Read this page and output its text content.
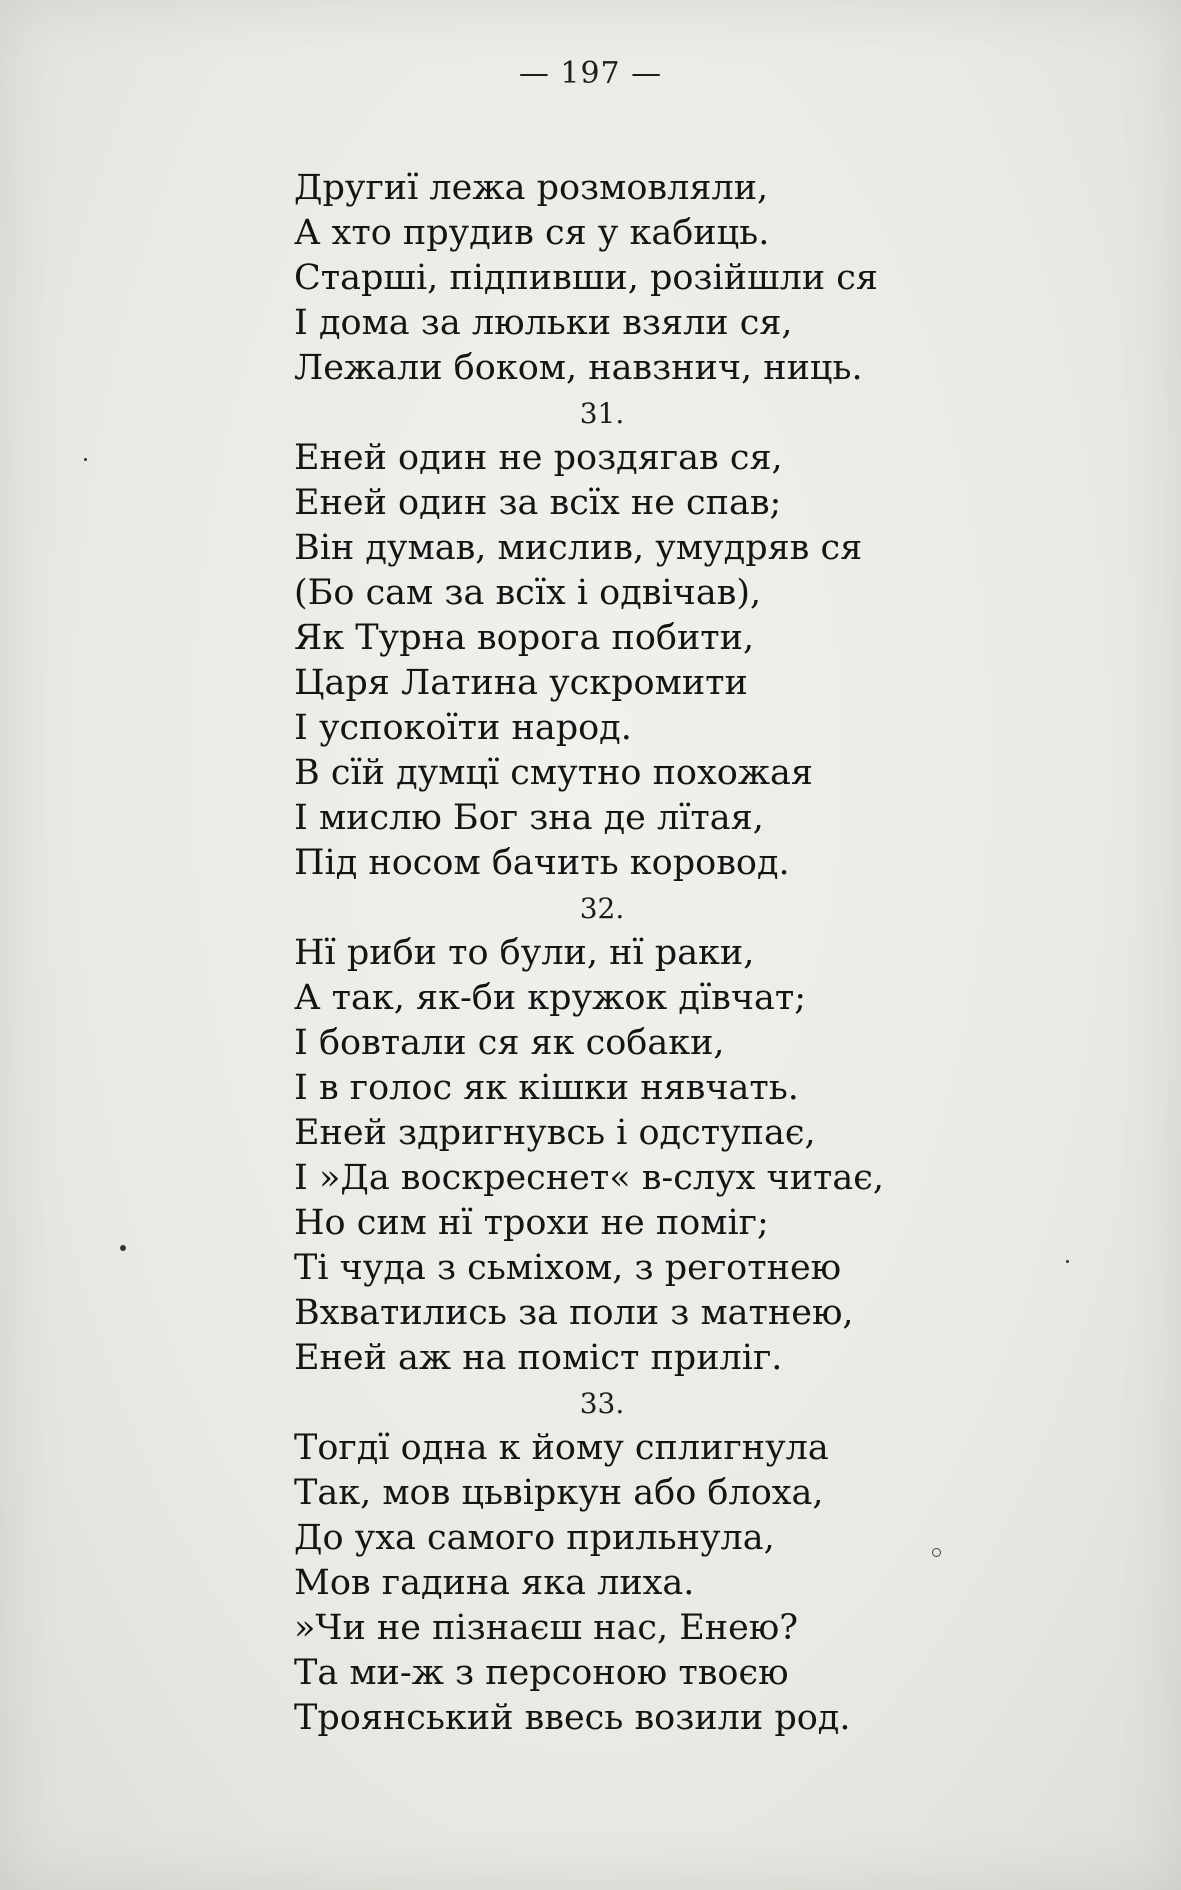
— 197 —
Другиї лежа розмовляли,
А хто прудив ся у кабиць.
Старші, підпивши, розійшли ся
І дома за люльки взяли ся,
Лежали боком, навзнич, ниць.
31.
Еней один не роздягав ся,
Еней один за всїх не спав;
Він думав, мислив, умудряв ся
(Бо сам за всїх і одвічав),
Як Турна ворога побити,
Царя Латина ускромити
І успокоїти народ.
В сїй думцї смутно похожая
І мислю Бог зна де лїтая,
Під носом бачить коровод.
32.
Нї риби то були, нї раки,
А так, як-би кружок дївчат;
І бовтали ся як собаки,
І в голос як кішки нявчать.
Еней здригнувсь і одступає,
І »Да воскреснет« в-слух читає,
Но сим нї трохи не поміг;
Ті чуда з сьміхом, з реготнею
Вхватились за поли з матнею,
Еней аж на поміст приліг.
33.
Тогдї одна к йому сплигнула
Так, мов цьвіркун або блоха,
До уха самого прильнула,
Мов гадина яка лиха.
»Чи не пізнаєш нас, Енею?
Та ми-ж з персоною твоєю
Троянський ввесь возили род.
